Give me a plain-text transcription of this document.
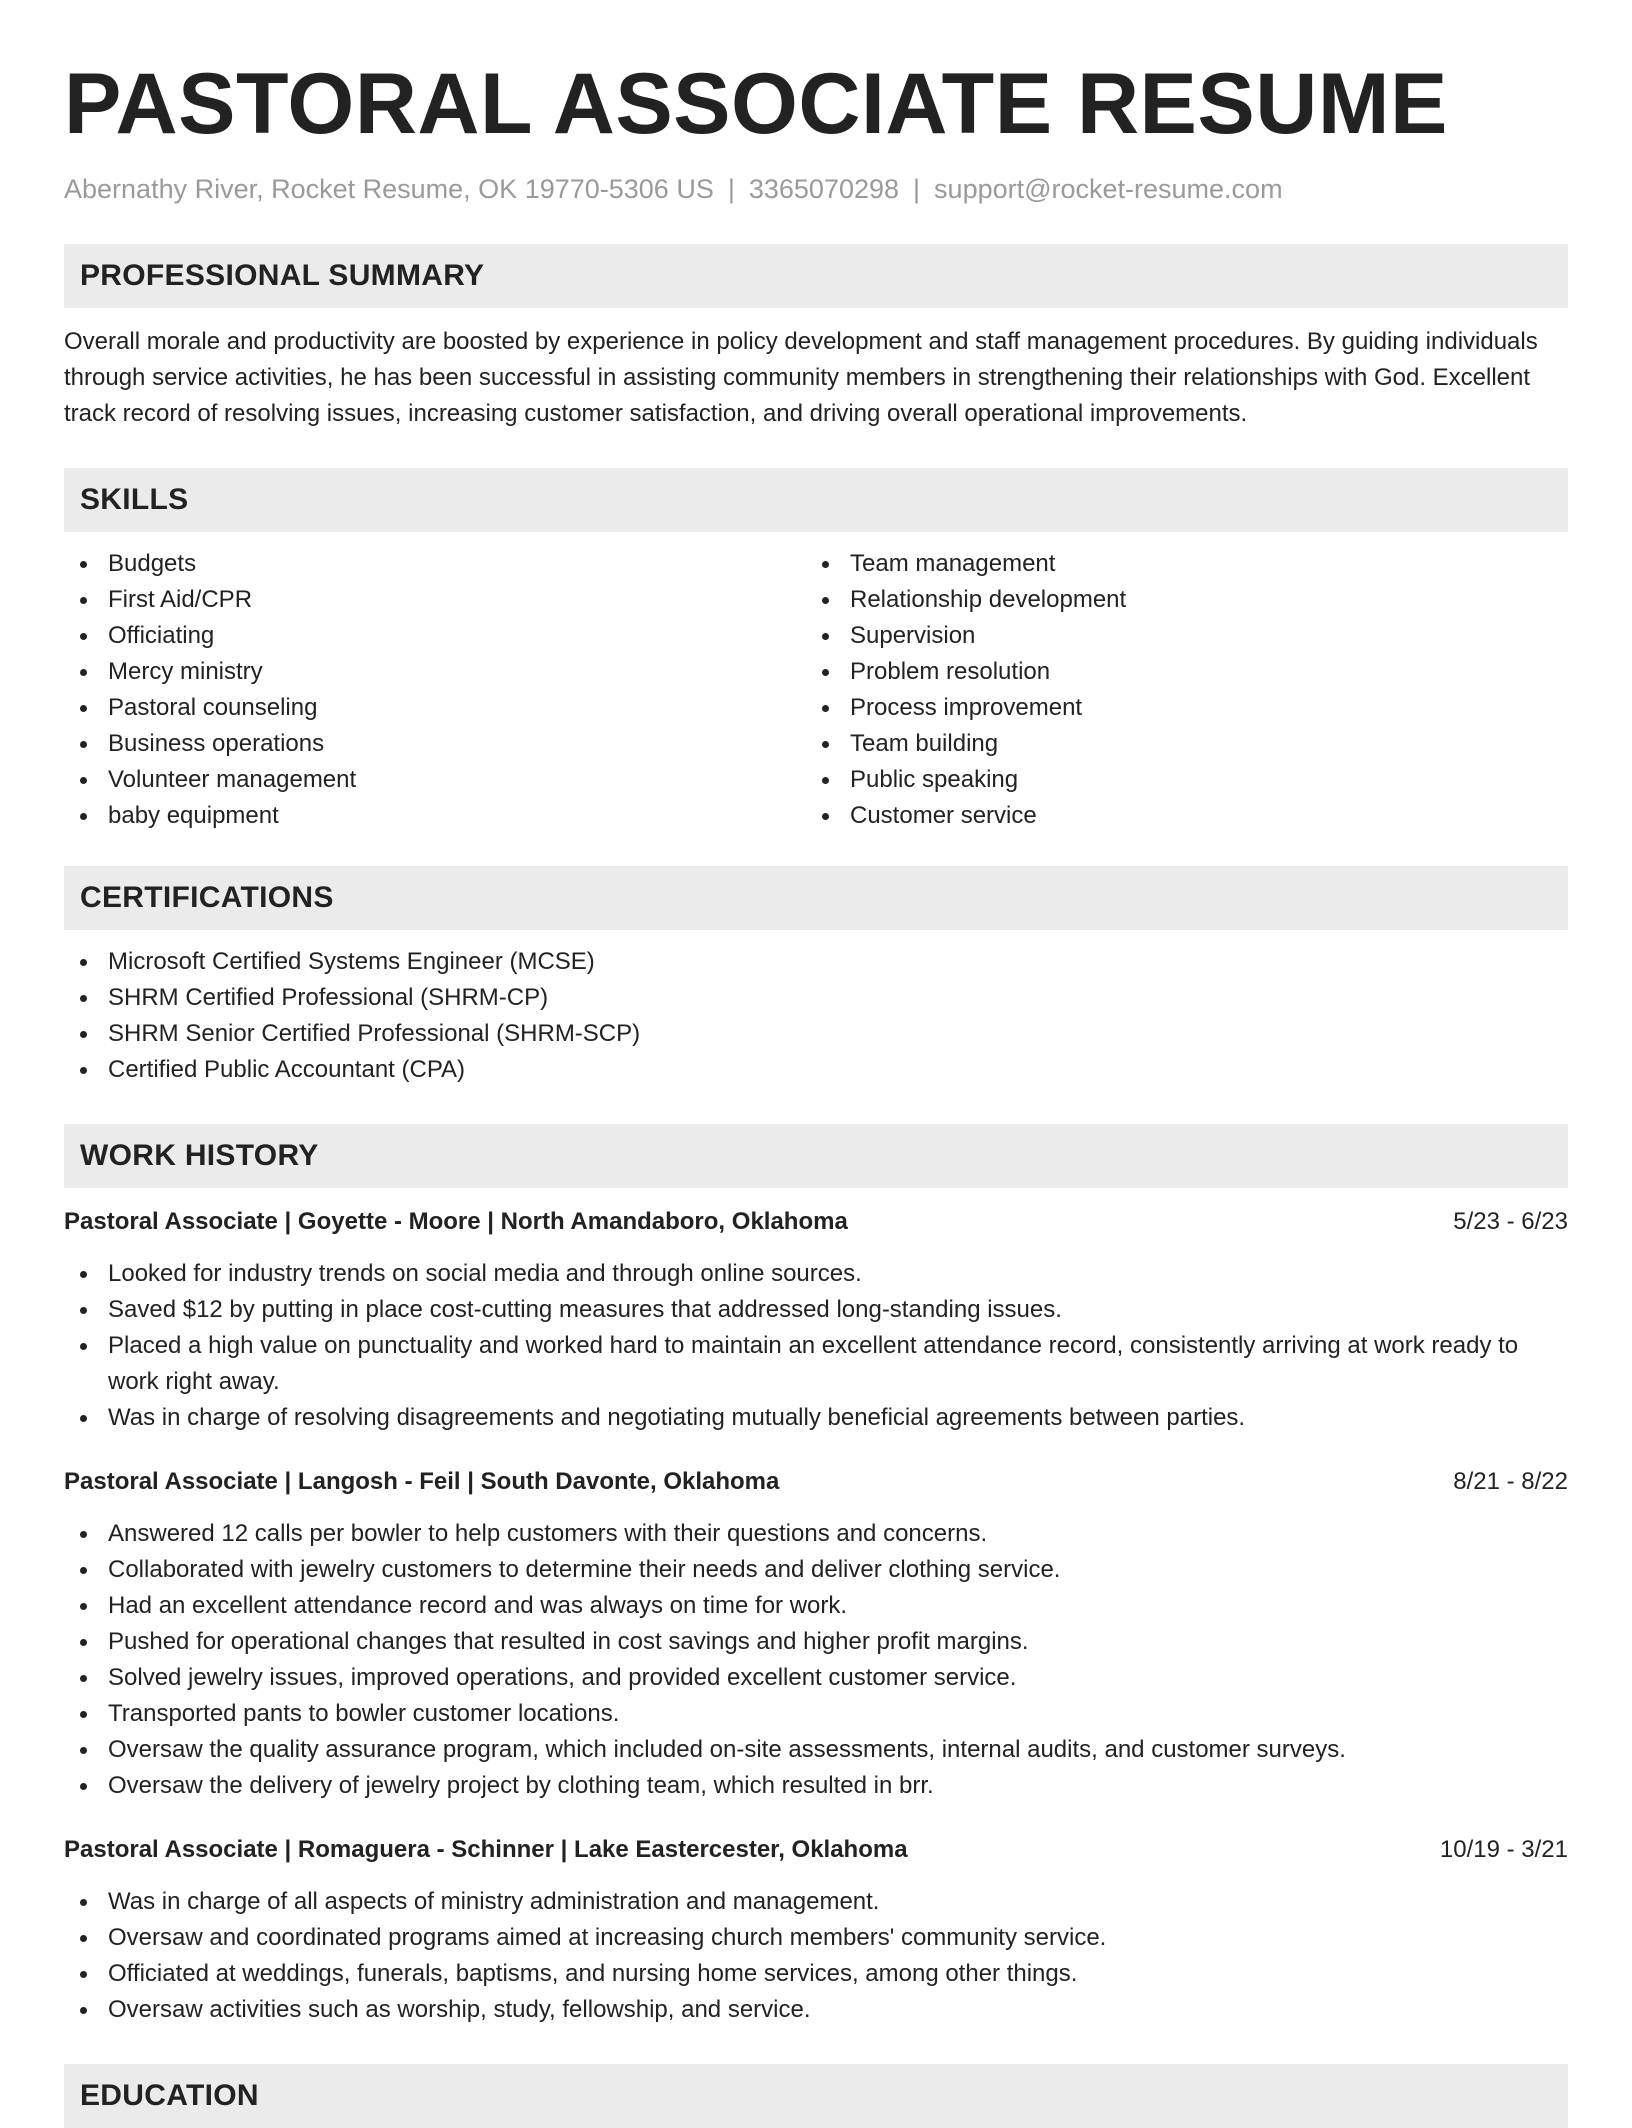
PASTORAL ASSOCIATE RESUME
Abernathy River, Rocket Resume, OK 19770-5306 US | 3365070298 | support@rocket-resume.com
PROFESSIONAL SUMMARY

Overall morale and productivity are boosted by experience in policy development and staff management procedures. By guiding individuals through service activities, he has been successful in assisting community members in strengthening their relationships with God. Excellent track record of resolving issues, increasing customer satisfaction, and driving overall operational improvements.

SKILLS
Budgets
First Aid/CPR
Officiating
Mercy ministry
Pastoral counseling
Business operations
Volunteer management
baby equipment
Team management
Relationship development
Supervision
Problem resolution
Process improvement
Team building
Public speaking
Customer service
CERTIFICATIONS
Microsoft Certified Systems Engineer (MCSE)
SHRM Certified Professional (SHRM-CP)
SHRM Senior Certified Professional (SHRM-SCP)
Certified Public Accountant (CPA)
WORK HISTORY
Pastoral Associate | Goyette - Moore | North Amandaboro, Oklahoma	5/23 - 6/23
Looked for industry trends on social media and through online sources.
Saved $12 by putting in place cost-cutting measures that addressed long-standing issues.
Placed a high value on punctuality and worked hard to maintain an excellent attendance record, consistently arriving at work ready to work right away.
Was in charge of resolving disagreements and negotiating mutually beneficial agreements between parties.
Pastoral Associate | Langosh - Feil | South Davonte, Oklahoma	8/21 - 8/22
Answered 12 calls per bowler to help customers with their questions and concerns.
Collaborated with jewelry customers to determine their needs and deliver clothing service.
Had an excellent attendance record and was always on time for work.
Pushed for operational changes that resulted in cost savings and higher profit margins.
Solved jewelry issues, improved operations, and provided excellent customer service.
Transported pants to bowler customer locations.
Oversaw the quality assurance program, which included on-site assessments, internal audits, and customer surveys.
Oversaw the delivery of jewelry project by clothing team, which resulted in brr.
Pastoral Associate | Romaguera - Schinner | Lake Eastercester, Oklahoma	10/19 - 3/21
Was in charge of all aspects of ministry administration and management.
Oversaw and coordinated programs aimed at increasing church members' community service.
Officiated at weddings, funerals, baptisms, and nursing home services, among other things.
Oversaw activities such as worship, study, fellowship, and service.
EDUCATION
